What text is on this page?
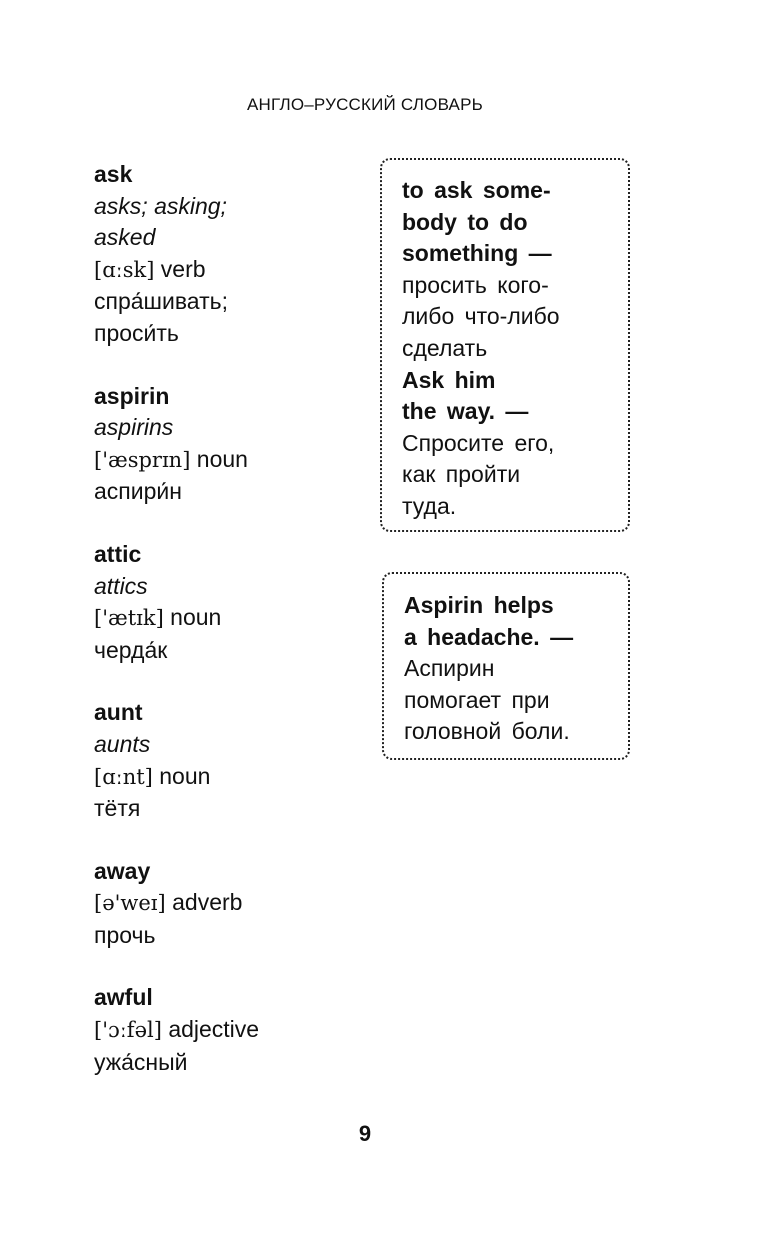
АНГЛО–РУССКИЙ СЛОВАРЬ
ask
asks; asking;
asked
[ɑːsk] verb
спра́шивать;
проси́ть
aspirin
aspirins
['æsprɪn] noun
аспири́н
attic
attics
['ætɪk] noun
черда́к
aunt
aunts
[ɑːnt] noun
тётя
away
[ə'weɪ] adverb
прочь
awful
['ɔːfəl] adjective
ужа́сный
to ask some-
body to do
something —
просить кого-
либо что-либо
сделать
Ask him
the way. —
Спросите его,
как пройти
туда.
Aspirin helps
a headache. —
Аспирин
помогает при
головной боли.
9
